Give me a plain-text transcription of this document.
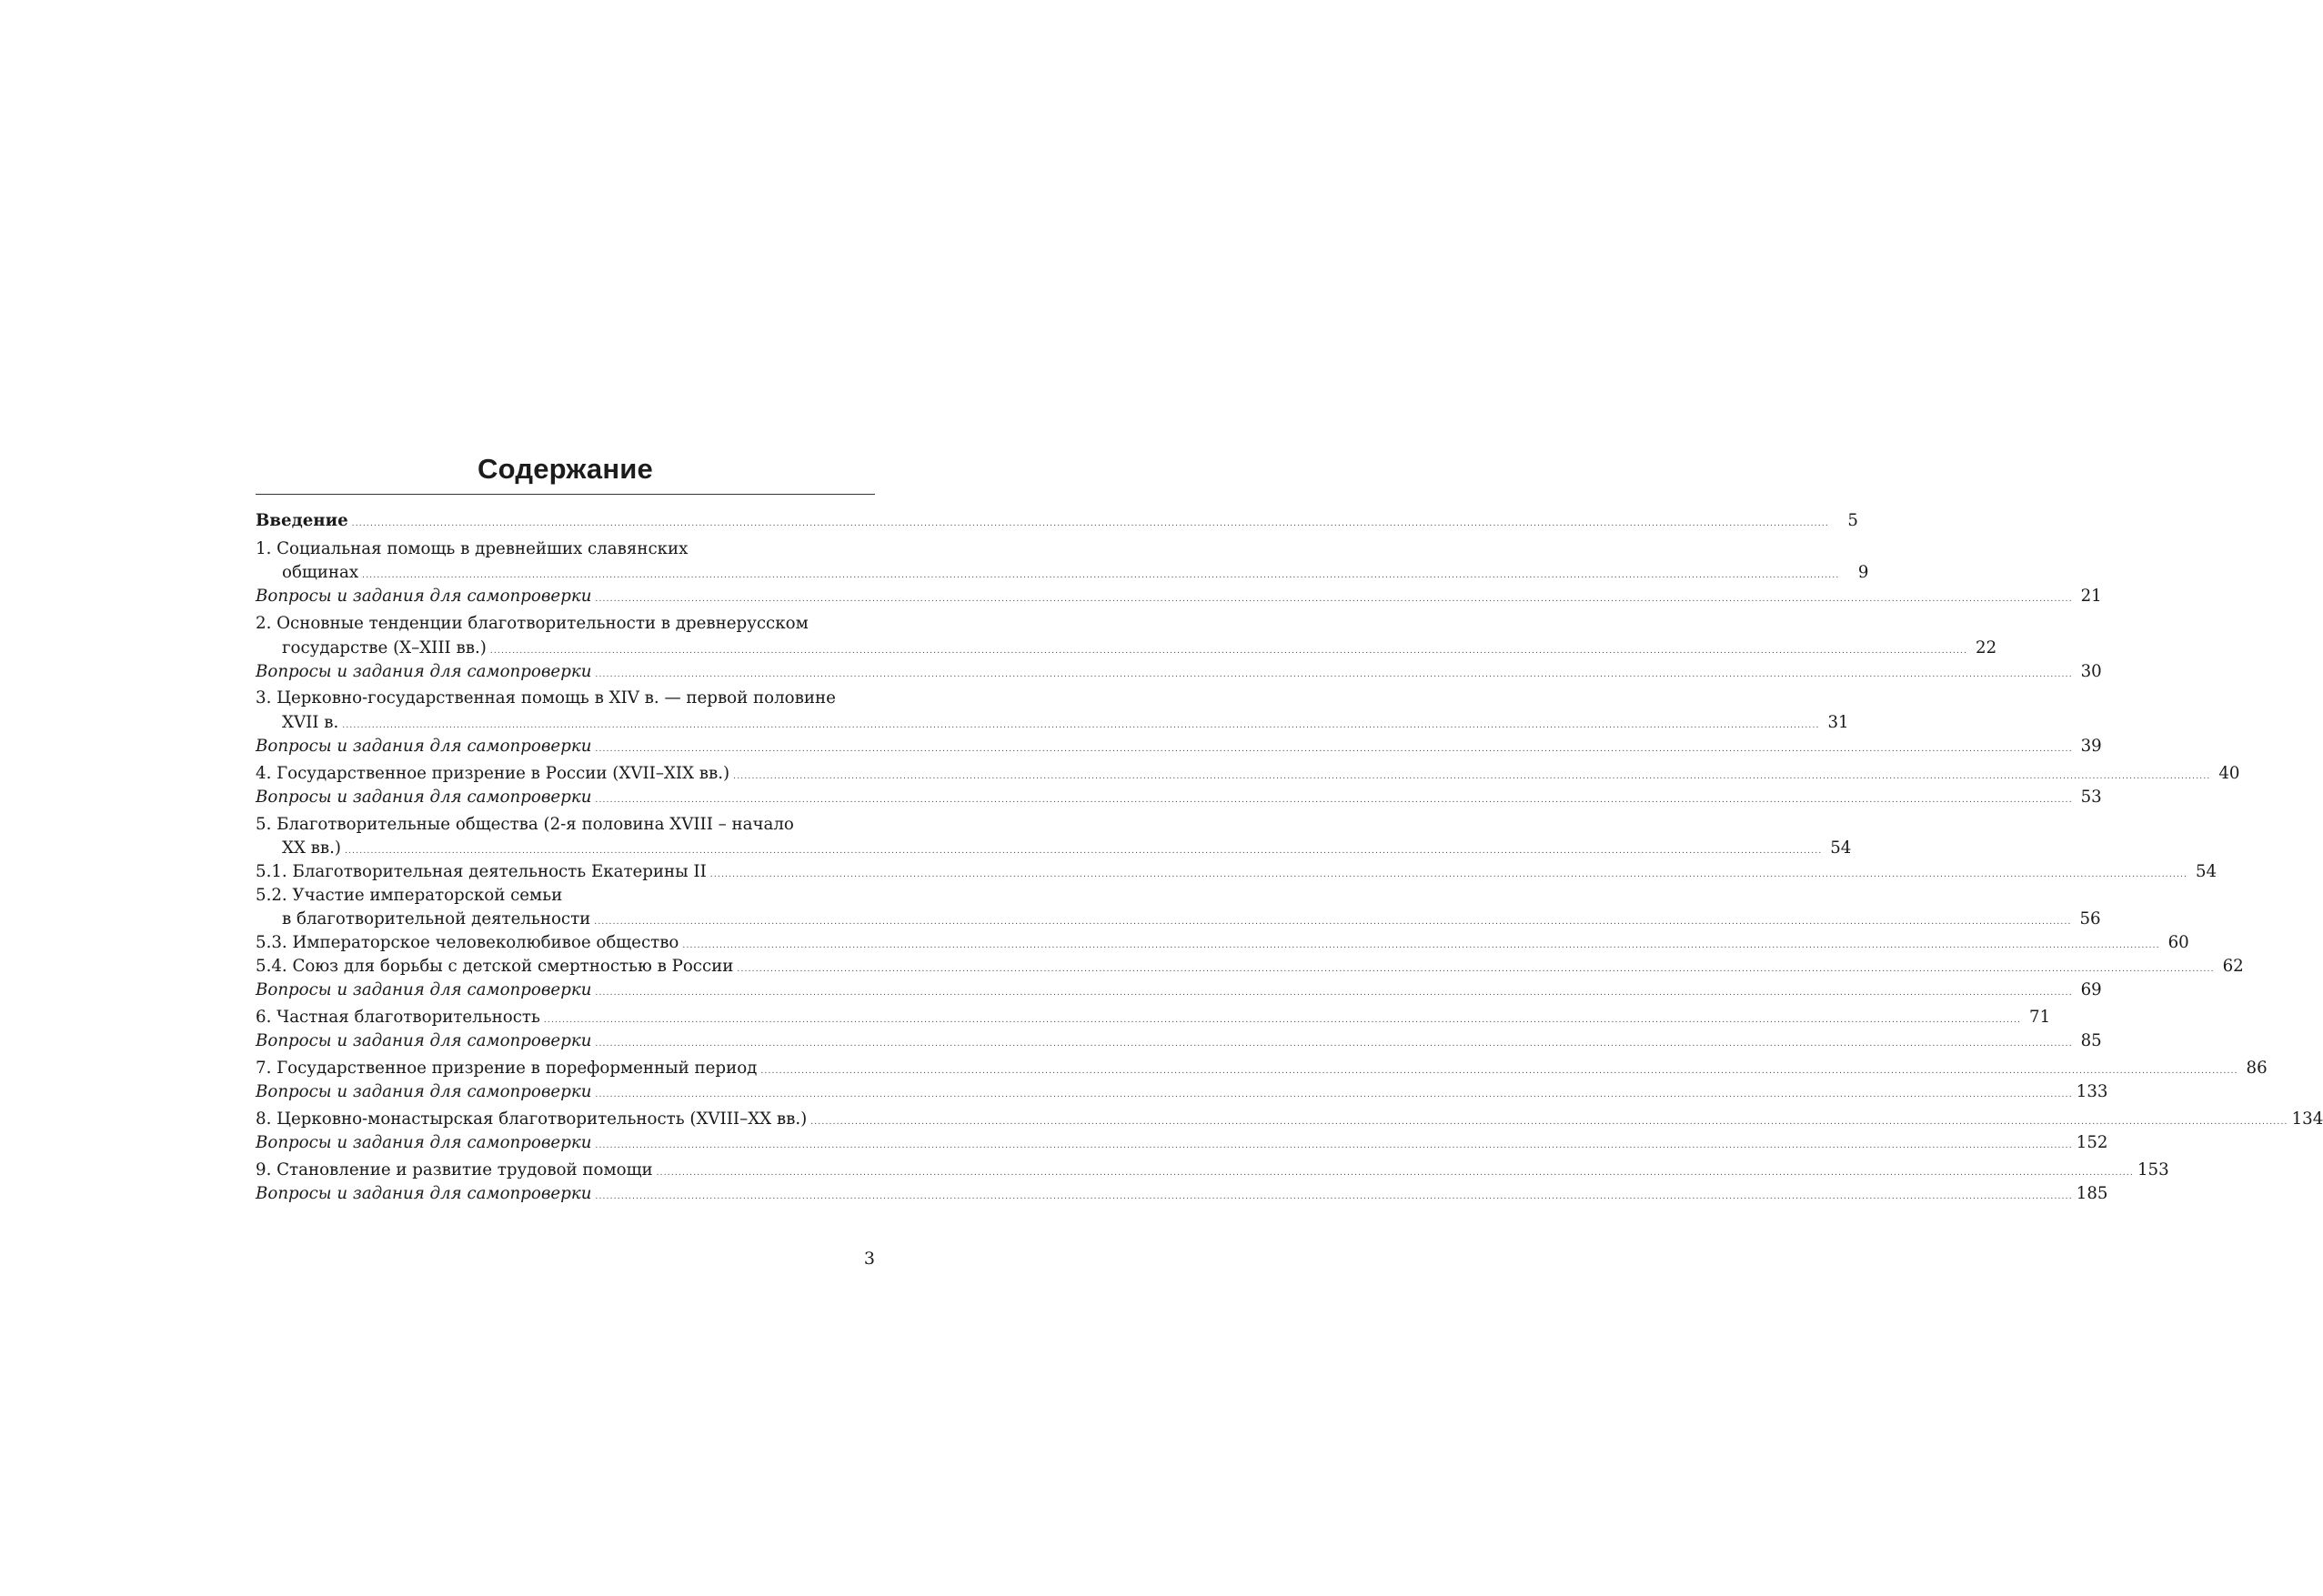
Содержание
Введение ................................................................................................................................................................................................................................................................................................................................................................................................................	5
1. Социальная помощь в древнейших славянских
общинах ................................................................................................................................................................................................................................................................................................................................................................................................................	9
Вопросы и задания для самопроверки ................................................................................................................................................................................................................................................................................................................................................................................................................ 21
2. Основные тенденции благотворительности в древнерусском
государстве (X–XIII вв.) ................................................................................................................................................................................................................................................................................................................................................................................................................ 22
Вопросы и задания для самопроверки ................................................................................................................................................................................................................................................................................................................................................................................................................ 30
3. Церковно-государственная помощь в XIV в. — первой половине
XVII в. ................................................................................................................................................................................................................................................................................................................................................................................................................ 31
Вопросы и задания для самопроверки ................................................................................................................................................................................................................................................................................................................................................................................................................ 39
4. Государственное призрение в России (XVII–XIX вв.) ................................................................................................................................................................................................................................................................................................................................................................................................................ 40
Вопросы и задания для самопроверки ................................................................................................................................................................................................................................................................................................................................................................................................................ 53
5. Благотворительные общества (2-я половина XVIII – начало
XX вв.) ................................................................................................................................................................................................................................................................................................................................................................................................................ 54
5.1. Благотворительная деятельность Екатерины II ................................................................................................................................................................................................................................................................................................................................................................................................................ 54
5.2. Участие императорской семьи
в благотворительной деятельности ................................................................................................................................................................................................................................................................................................................................................................................................................ 56
5.3. Императорское человеколюбивое общество ................................................................................................................................................................................................................................................................................................................................................................................................................ 60
5.4. Союз для борьбы с детской смертностью в России ................................................................................................................................................................................................................................................................................................................................................................................................................ 62
Вопросы и задания для самопроверки ................................................................................................................................................................................................................................................................................................................................................................................................................ 69
6. Частная благотворительность ................................................................................................................................................................................................................................................................................................................................................................................................................ 71
Вопросы и задания для самопроверки ................................................................................................................................................................................................................................................................................................................................................................................................................ 85
7. Государственное призрение в пореформенный период ................................................................................................................................................................................................................................................................................................................................................................................................................ 86
Вопросы и задания для самопроверки ................................................................................................................................................................................................................................................................................................................................................................................................................ 133
8. Церковно-монастырская благотворительность (XVIII–XX вв.) ................................................................................................................................................................................................................................................................................................................................................................................................................ 134
Вопросы и задания для самопроверки ................................................................................................................................................................................................................................................................................................................................................................................................................ 152
9. Становление и развитие трудовой помощи ................................................................................................................................................................................................................................................................................................................................................................................................................ 153
Вопросы и задания для самопроверки ................................................................................................................................................................................................................................................................................................................................................................................................................ 185
3
